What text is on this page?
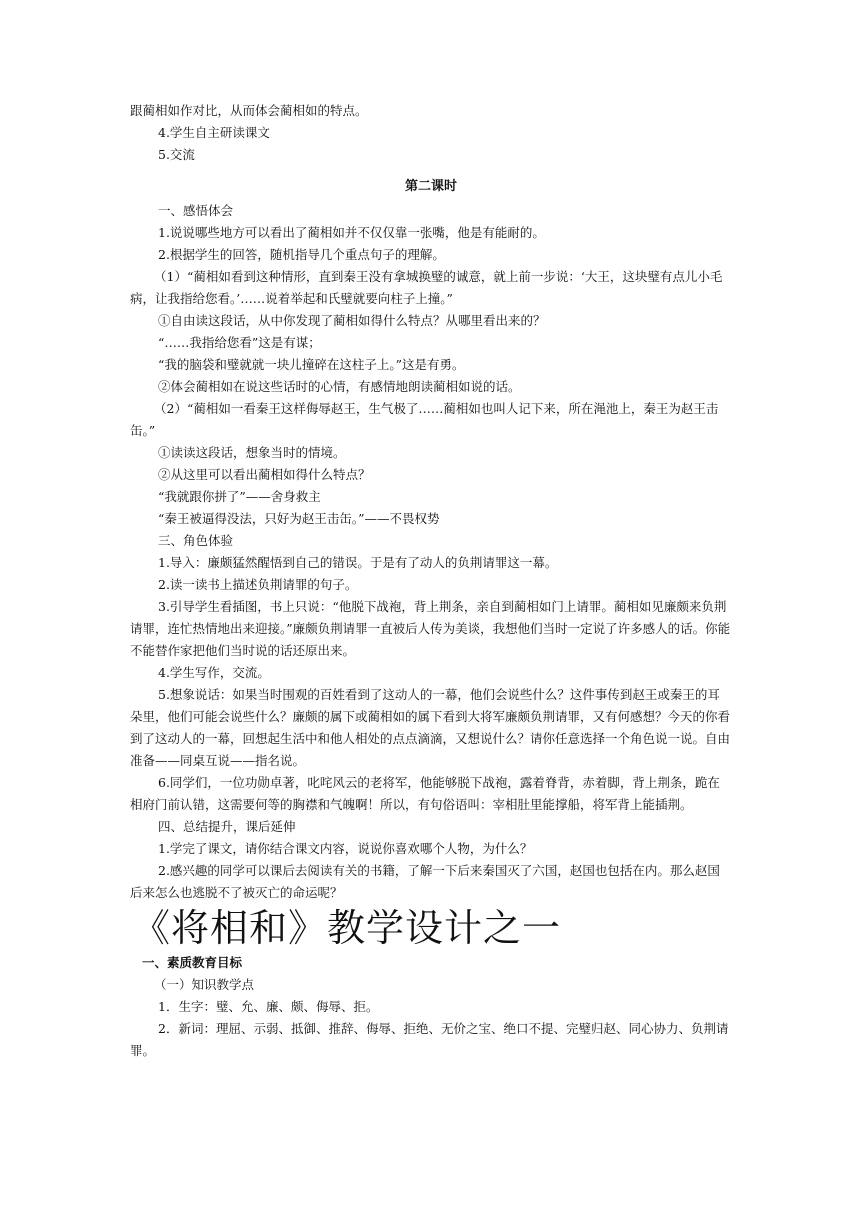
跟蔺相如作对比，从而体会蔺相如的特点。

4.学生自主研读课文

5.交流

第二课时

一、感悟体会

1.说说哪些地方可以看出了蔺相如并不仅仅靠一张嘴，他是有能耐的。

2.根据学生的回答，随机指导几个重点句子的理解。

（1）“蔺相如看到这种情形，直到秦王没有拿城换璧的诚意，就上前一步说：‘大王，这块璧有点儿小毛病，让我指给您看。’……说着举起和氏璧就要向柱子上撞。”

①自由读这段话，从中你发现了蔺相如得什么特点？从哪里看出来的？

“……我指给您看”这是有谋；

“我的脑袋和璧就就一块儿撞碎在这柱子上。”这是有勇。

②体会蔺相如在说这些话时的心情，有感情地朗读蔺相如说的话。

（2）“蔺相如一看秦王这样侮辱赵王，生气极了……蔺相如也叫人记下来，所在渑池上，秦王为赵王击缶。”

①读读这段话，想象当时的情境。

②从这里可以看出蔺相如得什么特点？

“我就跟你拼了”——舍身救主

“秦王被逼得没法，只好为赵王击缶。”——不畏权势

三、角色体验

1.导入：廉颇猛然醒悟到自己的错误。于是有了动人的负荆请罪这一幕。

2.读一读书上描述负荆请罪的句子。

3.引导学生看插图，书上只说：“他脱下战袍，背上荆条，亲自到蔺相如门上请罪。蔺相如见廉颇来负荆请罪，连忙热情地出来迎接。”廉颇负荆请罪一直被后人传为美谈，我想他们当时一定说了许多感人的话。你能不能替作家把他们当时说的话还原出来。

4.学生写作，交流。

5.想象说话：如果当时围观的百姓看到了这动人的一幕，他们会说些什么？这件事传到赵王或秦王的耳朵里，他们可能会说些什么？廉颇的属下或蔺相如的属下看到大将军廉颇负荆请罪，又有何感想？今天的你看到了这动人的一幕，回想起生活中和他人相处的点点滴滴，又想说什么？请你任意选择一个角色说一说。自由准备——同桌互说——指名说。

6.同学们，一位功勋卓著，叱咤风云的老将军，他能够脱下战袍，露着脊背，赤着脚，背上荆条，跪在相府门前认错，这需要何等的胸襟和气魄啊！所以，有句俗语叫：宰相肚里能撑船，将军背上能插荆。

四、总结提升，课后延伸

1.学完了课文，请你结合课文内容，说说你喜欢哪个人物，为什么？

2.感兴趣的同学可以课后去阅读有关的书籍，了解一下后来秦国灭了六国，赵国也包括在内。那么赵国后来怎么也逃脱不了被灭亡的命运呢？

《将相和》教学设计之一
一、素质教育目标

（一）知识教学点

1．生字：璧、允、廉、颇、侮辱、拒。

2．新词：理屈、示弱、抵御、推辞、侮辱、拒绝、无价之宝、绝口不提、完璧归赵、同心协力、负荆请罪。
